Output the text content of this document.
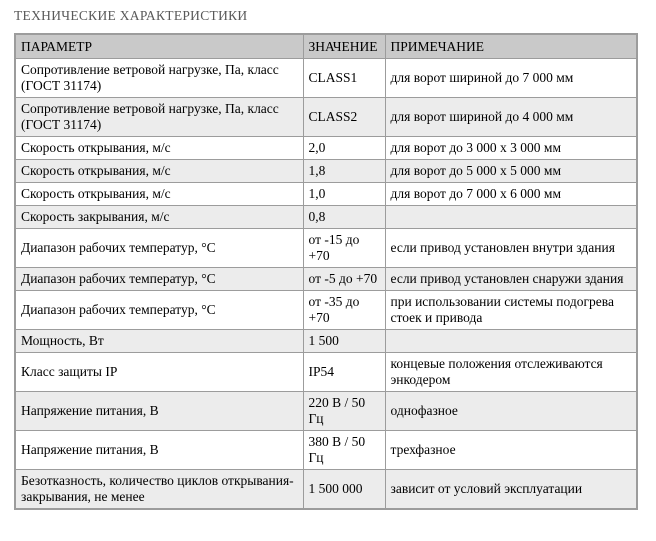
ТЕХНИЧЕСКИЕ ХАРАКТЕРИСТИКИ
ПАРАМЕТР	ЗНАЧЕНИЕ	ПРИМЕЧАНИЕ
Сопротивление ветровой нагрузке, Па, класс (ГОСТ 31174)	CLASS1	для ворот шириной до 7 000 мм
Сопротивление ветровой нагрузке, Па, класс (ГОСТ 31174)	CLASS2	для ворот шириной до 4 000 мм
Скорость открывания, м/с	2,0	для ворот до 3 000 x 3 000 мм
Скорость открывания, м/с	1,8	для ворот до 5 000 x 5 000 мм
Скорость открывания, м/с	1,0	для ворот до 7 000 x 6 000 мм
Скорость закрывания, м/с	0,8	
Диапазон рабочих температур, °С	от -15 до +70	если привод установлен внутри здания
Диапазон рабочих температур, °С	от -5 до +70	если привод установлен снаружи здания
Диапазон рабочих температур, °С	от -35 до +70	при использовании системы подогрева стоек и привода
Мощность, Вт	1 500	
Класс защиты IP	IP54	концевые положения отслеживаются энкодером
Напряжение питания, В	220 В / 50 Гц	однофазное
Напряжение питания, В	380 В / 50 Гц	трехфазное
Безотказность, количество циклов открывания-закрывания, не менее	1 500 000	зависит от условий эксплуатации
